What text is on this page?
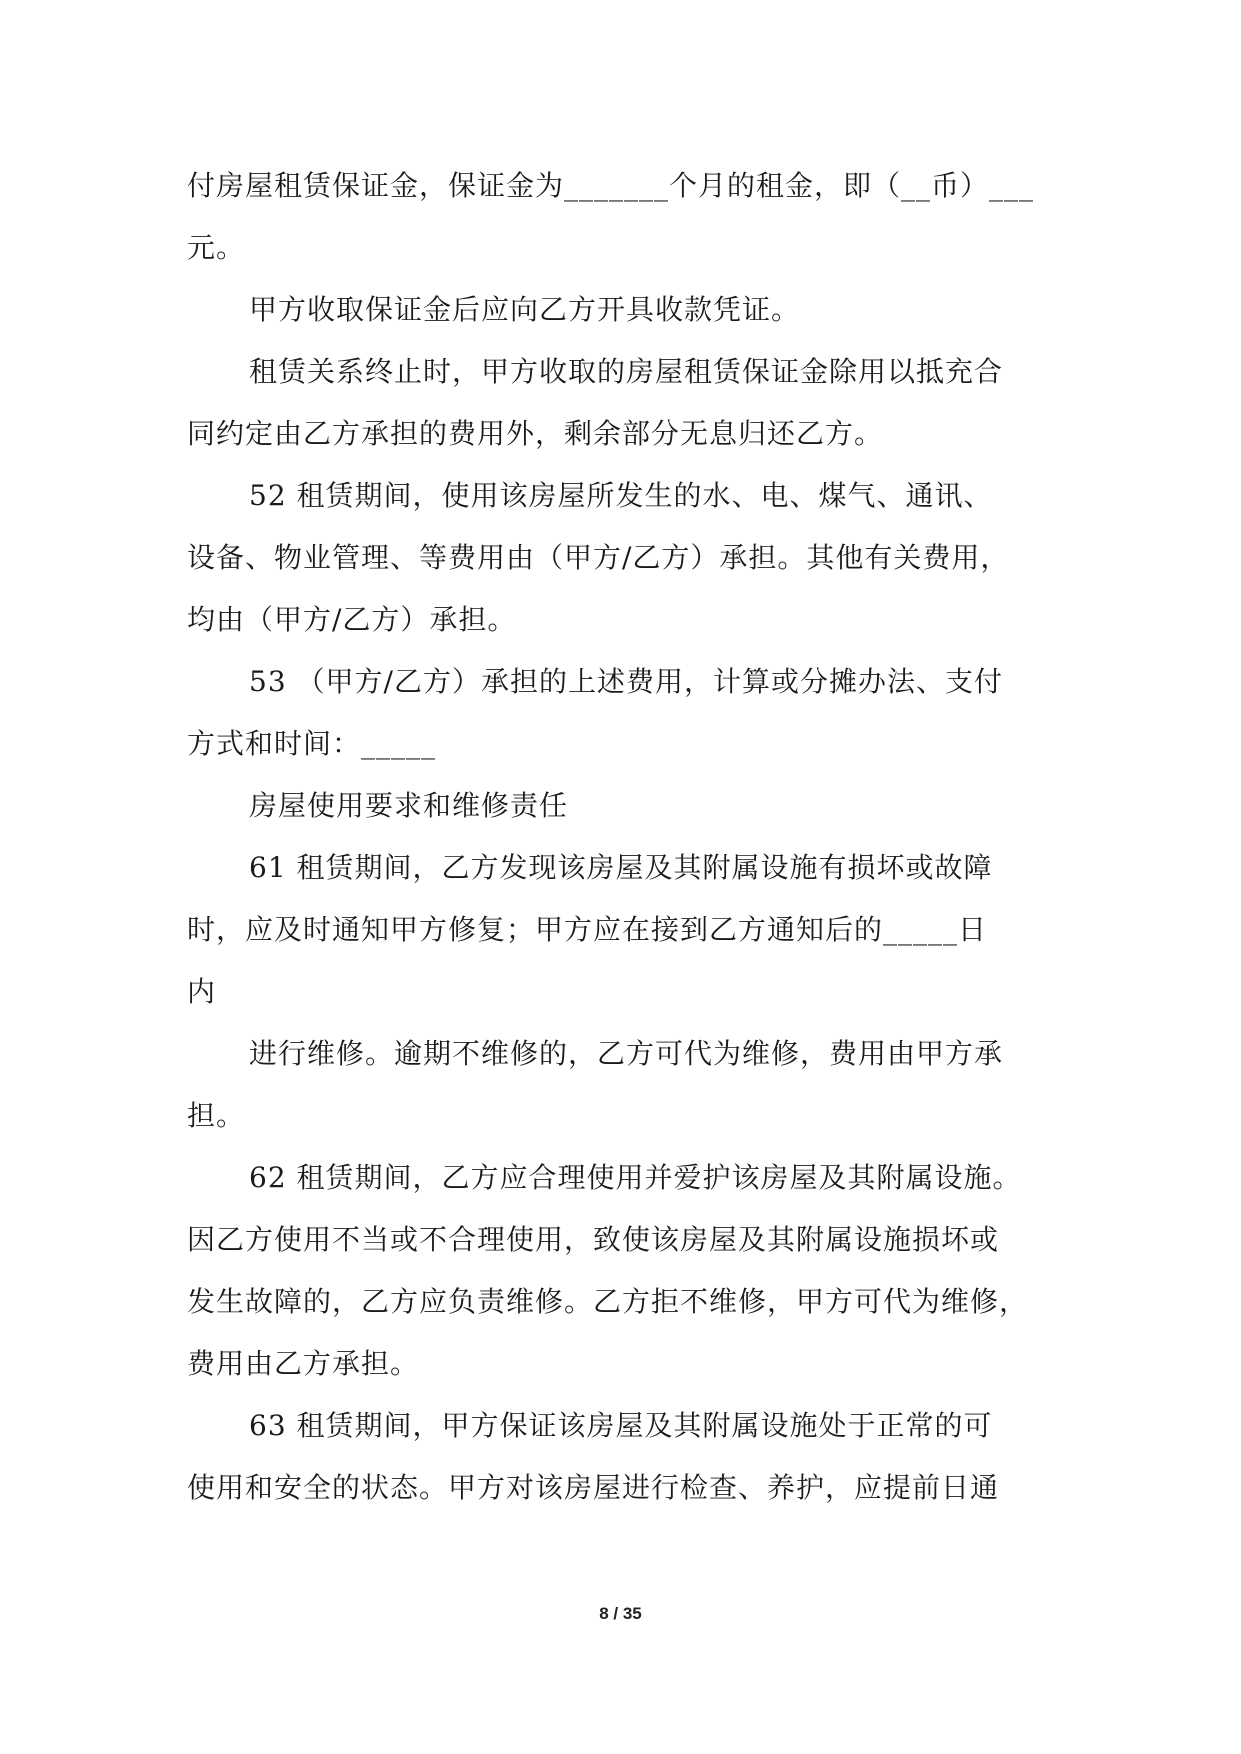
付房屋租赁保证金，保证金为_______个月的租金，即（__币）___

元。

甲方收取保证金后应向乙方开具收款凭证。

租赁关系终止时，甲方收取的房屋租赁保证金除用以抵充合

同约定由乙方承担的费用外，剩余部分无息归还乙方。

52 租赁期间，使用该房屋所发生的水、电、煤气、通讯、

设备、物业管理、等费用由（甲方/乙方）承担。其他有关费用，

均由（甲方/乙方）承担。

53 （甲方/乙方）承担的上述费用，计算或分摊办法、支付

方式和时间：_____

房屋使用要求和维修责任

61 租赁期间，乙方发现该房屋及其附属设施有损坏或故障

时，应及时通知甲方修复；甲方应在接到乙方通知后的_____日

内

进行维修。逾期不维修的，乙方可代为维修，费用由甲方承

担。

62 租赁期间，乙方应合理使用并爱护该房屋及其附属设施。

因乙方使用不当或不合理使用，致使该房屋及其附属设施损坏或

发生故障的，乙方应负责维修。乙方拒不维修，甲方可代为维修，

费用由乙方承担。

63 租赁期间，甲方保证该房屋及其附属设施处于正常的可

使用和安全的状态。甲方对该房屋进行检查、养护，应提前日通

8 / 35
